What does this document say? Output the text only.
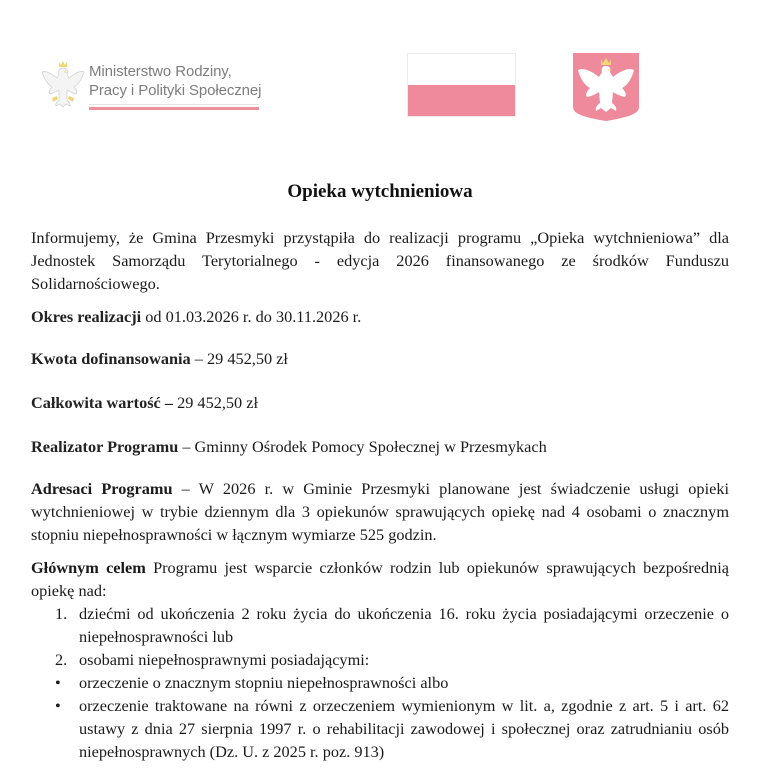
Ministerstwo Rodziny,
Pracy i Polityki Społecznej
Opieka wytchnieniowa

Informujemy, że Gmina Przesmyki przystąpiła do realizacji programu „Opieka wytchnieniowa” dla Jednostek Samorządu Terytorialnego - edycja 2026 finansowanego ze środków Funduszu Solidarnościowego.

Okres realizacji od 01.03.2026 r. do 30.11.2026 r.

Kwota dofinansowania – 29 452,50 zł

Całkowita wartość – 29 452,50 zł

Realizator Programu – Gminny Ośrodek Pomocy Społecznej w Przesmykach

Adresaci Programu – W 2026 r. w Gminie Przesmyki planowane jest świadczenie usługi opieki wytchnieniowej w trybie dziennym dla 3 opiekunów sprawujących opiekę nad 4 osobami o znacznym stopniu niepełnosprawności w łącznym wymiarze 525 godzin.

Głównym celem Programu jest wsparcie członków rodzin lub opiekunów sprawujących bezpośrednią opiekę nad:

1. dziećmi od ukończenia 2 roku życia do ukończenia 16. roku życia posiadającymi orzeczenie o niepełnosprawności lub
2. osobami niepełnosprawnymi posiadającymi:
• orzeczenie o znacznym stopniu niepełnosprawności albo
• orzeczenie traktowane na równi z orzeczeniem wymienionym w lit. a, zgodnie z art. 5 i art. 62 ustawy z dnia 27 sierpnia 1997 r. o rehabilitacji zawodowej i społecznej oraz zatrudnianiu osób niepełnosprawnych (Dz. U. z 2025 r. poz. 913)
